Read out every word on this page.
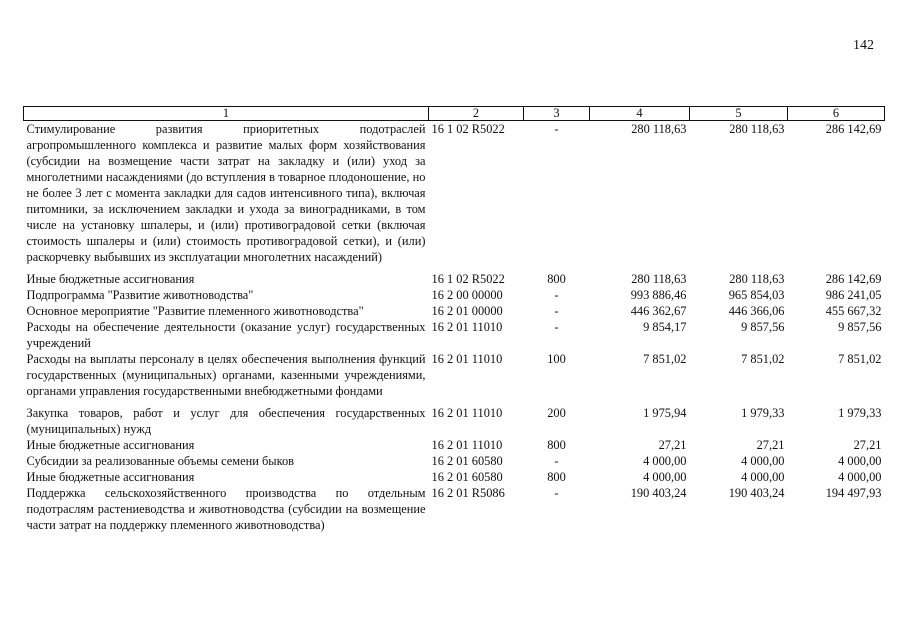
142
1	2	3	4	5	6
Стимулирование развития приоритетных подотраслей агропромышленного комплекса и развитие малых форм хозяйствования (субсидии на возмещение части затрат на закладку и (или) уход за многолетними насаждениями (до вступления в товарное плодоношение, но не более 3 лет с момента закладки для садов интенсивного типа), включая питомники, за исключением закладки и ухода за виноградниками, в том числе на установку шпалеры, и (или) противоградовой сетки (включая стоимость шпалеры и (или) стоимость противоградовой сетки), и (или) раскорчевку выбывших из эксплуатации многолетних насаждений)	16 1 02 R5022	-	280 118,63	280 118,63	286 142,69
Иные бюджетные ассигнования	16 1 02 R5022	800	280 118,63	280 118,63	286 142,69
Подпрограмма "Развитие животноводства"	16 2 00 00000	-	993 886,46	965 854,03	986 241,05
Основное мероприятие "Развитие племенного животноводства"	16 2 01 00000	-	446 362,67	446 366,06	455 667,32
Расходы на обеспечение деятельности (оказание услуг) государственных учреждений	16 2 01 11010	-	9 854,17	9 857,56	9 857,56
Расходы на выплаты персоналу в целях обеспечения выполнения функций государственных (муниципальных) органами, казенными учреждениями, органами управления государственными внебюджетными фондами	16 2 01 11010	100	7 851,02	7 851,02	7 851,02
Закупка товаров, работ и услуг для обеспечения государственных (муниципальных) нужд	16 2 01 11010	200	1 975,94	1 979,33	1 979,33
Иные бюджетные ассигнования	16 2 01 11010	800	27,21	27,21	27,21
Субсидии за реализованные объемы семени быков	16 2 01 60580	-	4 000,00	4 000,00	4 000,00
Иные бюджетные ассигнования	16 2 01 60580	800	4 000,00	4 000,00	4 000,00
Поддержка сельскохозяйственного производства по отдельным подотраслям растениеводства и животноводства (субсидии на возмещение части затрат на поддержку племенного животноводства)	16 2 01 R5086	-	190 403,24	190 403,24	194 497,93
